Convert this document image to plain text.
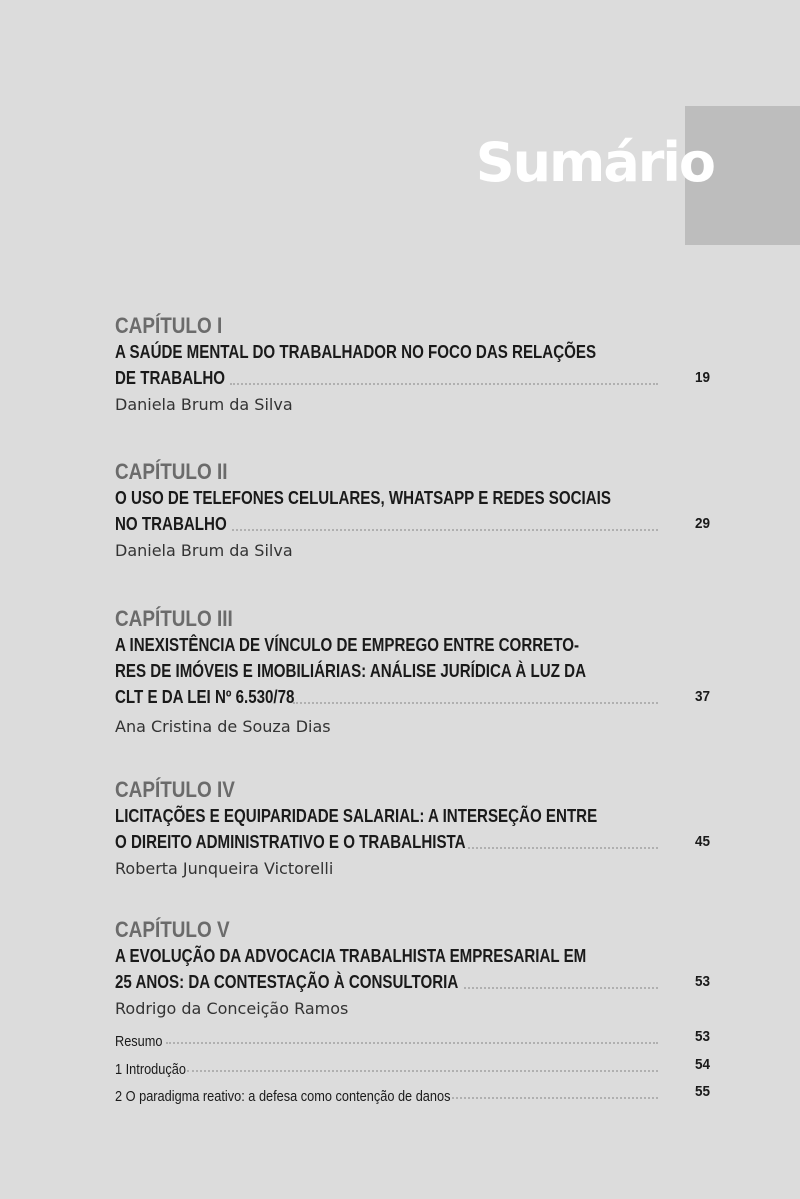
Sumário
CAPÍTULO I
A SAÚDE MENTAL DO TRABALHADOR NO FOCO DAS RELAÇÕES
DE TRABALHO	19
Daniela Brum da Silva
CAPÍTULO II
O USO DE TELEFONES CELULARES, WHATSAPP E REDES SOCIAIS
NO TRABALHO	29
Daniela Brum da Silva
CAPÍTULO III
A INEXISTÊNCIA DE VÍNCULO DE EMPREGO ENTRE CORRETO-
RES DE IMÓVEIS E IMOBILIÁRIAS: ANÁLISE JURÍDICA À LUZ DA
CLT E DA LEI Nº 6.530/78	37
Ana Cristina de Souza Dias
CAPÍTULO IV
LICITAÇÕES E EQUIPARIDADE SALARIAL: A INTERSEÇÃO ENTRE
O DIREITO ADMINISTRATIVO E O TRABALHISTA	45
Roberta Junqueira Victorelli
CAPÍTULO V
A EVOLUÇÃO DA ADVOCACIA TRABALHISTA EMPRESARIAL EM
25 ANOS: DA CONTESTAÇÃO À CONSULTORIA	53
Rodrigo da Conceição Ramos
Resumo	53
1 Introdução	54
2 O paradigma reativo: a defesa como contenção de danos	55
